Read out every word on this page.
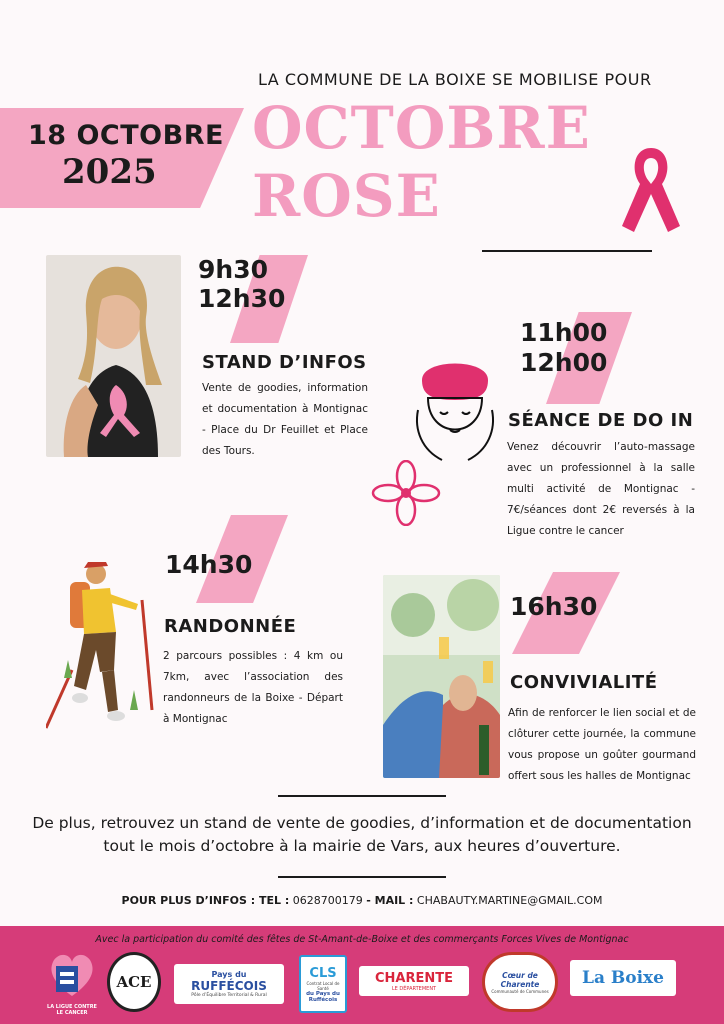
18 OCTOBRE
2025
LA COMMUNE DE LA BOIXE SE MOBILISE POUR
OCTOBRE ROSE
9h30
12h30
STAND D’INFOS
Vente de goodies, information et documentation à Montignac - Place du Dr Feuillet et Place des Tours.
11h00
12h00
SÉANCE DE DO IN
Venez découvrir l’auto-massage avec un professionnel à la salle multi activité de Montignac - 7€/séances dont 2€ reversés à la Ligue contre le cancer
14h30
RANDONNÉE
2 parcours possibles : 4 km ou 7km, avec l’association des randonneurs de la Boixe - Départ à Montignac
16h30
CONVIVIALITÉ
Afin de renforcer le lien social et de clôturer cette journée, la commune vous propose un goûter gourmand offert sous les halles de Montignac
De plus, retrouvez un stand de vente de goodies, d’information et de documentation
tout le mois d’octobre à la mairie de Vars, aux heures d’ouverture.
POUR PLUS D’INFOS : TEL : 0628700179 - MAIL : CHABAUTY.MARTINE@GMAIL.COM
Avec la participation du comité des fêtes de St-Amant-de-Boixe et des commerçants Forces Vives de Montignac
LA LIGUE CONTRE LE CANCER
ACE	Pays du
RUFFÉCOIS
Pôle d’Équilibre Territorial & Rural
CLS
Contrat Local de Santé
du Pays du Ruffécois
CHARENTE
LE DÉPARTEMENT
Cœur de Charente
Communauté de Communes
La Boixe
